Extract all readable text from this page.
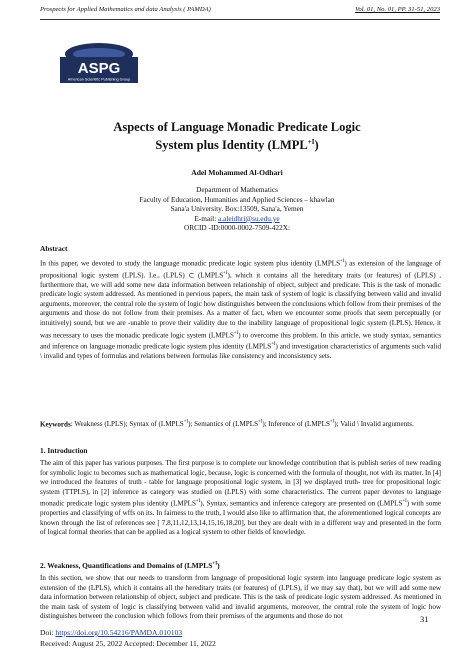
Prospects for Applied Mathematics and data Analysis ( PAMDA)	Vol. 01, No. 01, PP. 31-51, 2023
ASPG
American Scientific Publishing Group
Aspects of Language Monadic Predicate Logic
System plus Identity $(LMPL^{+I})$
Adel Mohammed Al-Odhari
Department of Mathematics
Faculty of Education, Humanities and Applied Sciences – khawlan
Sana'a University. Box:13509, Sana'a, Yemen
E-mail: a.aleidhri@su.edu.ye
ORCID -ID:0000-0002-7509-422X:
Abstract
In this paper, we devoted to study the language monadic predicate logic system plus identity $(LMPLS^{+I})$ as extension of the language of propositional logic system (LPLS). I.e., (LPLS) ⊂ $(LMPLS^{+I})$, which it contains all the hereditary traits (or features) of (LPLS) , furthermore that, we will add some new data information between relationship of object, subject and predicate. This is the task of monadic predicate logic system addressed. As mentioned in pervious papers, the main task of system of logic is classifying between valid and invalid arguments, moreover, the central role the system of logic how distinguishes between the conclusions which follow from their premises of the arguments and those do not follow from their premises. As a matter of fact, when we encounter some proofs that seem perceptually (or intuitively) sound, but we are -unable to prove their validity due to the inability language of propositional logic system (LPLS). Hence, it was necessary to uses the monadic predicate logic system $(LMPLS^{+I})$ to overcome this problem. In this article, we study syntax, semantics and inference on language monadic predicate logic system plus identity $(LMPLS^{+I})$ and investigation characteristics of arguments such valid \ invalid and types of formulas and relations between formulas like consistency and inconsistency sets.
Keywords: Weakness (LPLS); Syntax of $(LMPLS^{+I})$; Semantics of $(LMPLS^{+I})$; Inference of $(LMPLS^{+I})$; Valid \ Invalid arguments.
1. Introduction
The aim of this paper has various purposes. The first purpose is to complete our knowledge contribution that is publish series of new reading for symbolic logic to becomes such as mathematical logic, because, logic is concerned with the formula of thought, not with its matter. In [4] we introduced the features of truth - table for language propositional logic system, in [3] we displayed truth- tree for propositional logic system (TTPLS), in [2] inference as category was studied on (LPLS) with some characteristics. The current paper devotes to language monadic predicate logic system plus identity $(LMPLS^{+I})$, Syntax, semantics and inference category are presented on $(LMPLS^{+I})$ with some properties and classifying of wffs on its. In fairness to the truth, I would also like to affirmation that, the aforementioned logical concepts are known through the list of references see [ 7,8,11,12,13,14,15,16,18,20], but they are dealt with in a different way and presented in the form of logical formal theories that can be applied as a logical system to other fields of knowledge.
2. Weakness, Quantifications and Domains of $(LMPLS^{+I})$
In this section, we show that our needs to transform from language of propositional logic system into language predicate logic system as extension of the (LPLS), which it contains all the hereditary traits (or features) of (LPLS), if we may say that), but we will add some new data information between relationship of object, subject and predicate. This is the task of predicate logic system addressed. As mentioned in the main task of system of logic is classifying between valid and invalid arguments, moreover, the central role the system of logic how distinguishes between the conclusion which follows from their premises of the arguments and those do not	31
Doi: https://doi.org/10.54216/PAMDA.010103
Received: August 25, 2022 Accepted: December 11, 2022
